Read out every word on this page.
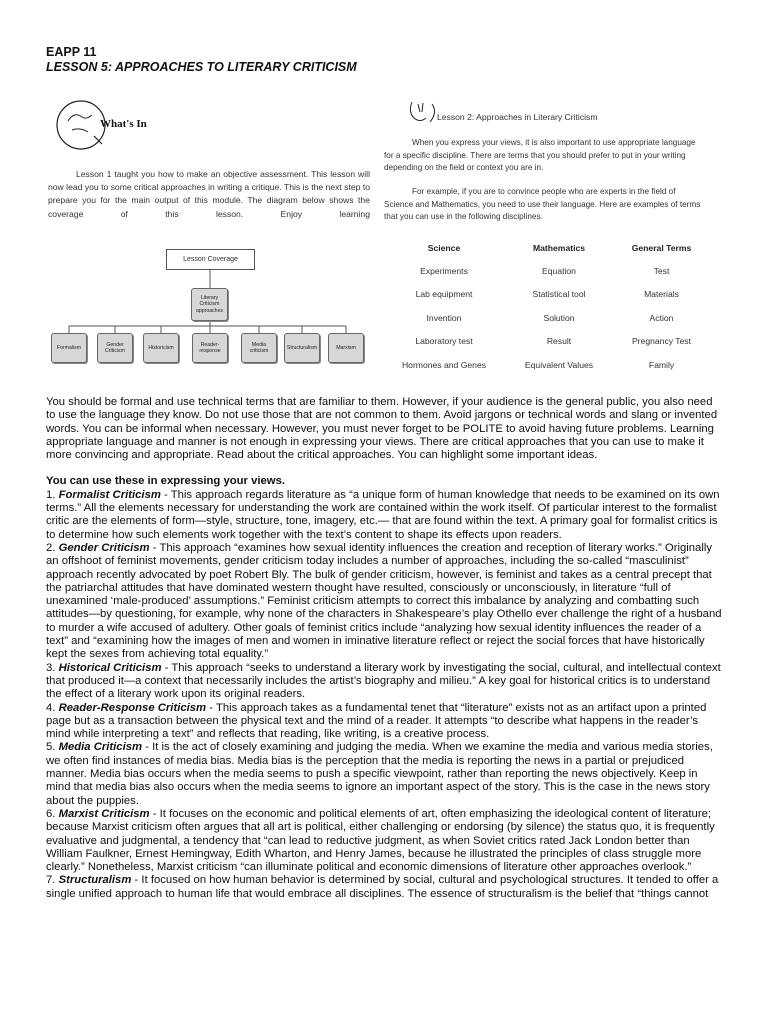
EAPP 11
LESSON 5: APPROACHES TO LITERARY CRITICISM
What's In
Lesson 1 taught you how to make an objective assessment. This lesson will now lead you to some critical approaches in writing a critique. This is the next step to prepare you for the main output of this module. The diagram below shows the coverage of this lesson. Enjoy learning
Lesson Coverage
Literary
Criticism
approaches
Formalism
Gender
Criticism
Historicism
Reader-
response
Media
criticism
Structuralism	Marxism
Lesson 2: Approaches in Literary Criticism
When you express your views, it is also important to use appropriate language for a specific discipline. There are terms that you should prefer to put in your writing depending on the field or context you are in.
For example, if you are to convince people who are experts in the field of Science and Mathematics, you need to use their language. Here are examples of terms that you can use in the following disciplines.
Science	Mathematics	General Terms
Experiments	Equation	Test
Lab equipment	Statistical tool	Materials
Invention	Solution	Action
Laboratory test	Result	Pregnancy Test
Hormones and Genes	Equivalent Values	Family

You should be formal and use technical terms that are familiar to them. However, if your audience is the general public, you also need to use the language they know. Do not use those that are not common to them. Avoid jargons or technical words and slang or invented words. You can be informal when necessary. However, you must never forget to be POLITE to avoid having future problems. Learning appropriate language and manner is not enough in expressing your views. There are critical approaches that you can use to make it more convincing and appropriate. Read about the critical approaches. You can highlight some important ideas.

You can use these in expressing your views.

1. Formalist Criticism - This approach regards literature as “a unique form of human knowledge that needs to be examined on its own terms.” All the elements necessary for understanding the work are contained within the work itself. Of particular interest to the formalist critic are the elements of form—style, structure, tone, imagery, etc.— that are found within the text. A primary goal for formalist critics is to determine how such elements work together with the text’s content to shape its effects upon readers.

2. Gender Criticism - This approach “examines how sexual identity influences the creation and reception of literary works.” Originally an offshoot of feminist movements, gender criticism today includes a number of approaches, including the so-called “masculinist” approach recently advocated by poet Robert Bly. The bulk of gender criticism, however, is feminist and takes as a central precept that the patriarchal attitudes that have dominated western thought have resulted, consciously or unconsciously, in literature “full of unexamined ‘male-produced’ assumptions.” Feminist criticism attempts to correct this imbalance by analyzing and combatting such attitudes—by questioning, for example, why none of the characters in Shakespeare’s play Othello ever challenge the right of a husband to murder a wife accused of adultery. Other goals of feminist critics include “analyzing how sexual identity influences the reader of a text” and “examining how the images of men and women in iminative literature reflect or reject the social forces that have historically kept the sexes from achieving total equality.”

3. Historical Criticism - This approach “seeks to understand a literary work by investigating the social, cultural, and intellectual context that produced it—a context that necessarily includes the artist’s biography and milieu.” A key goal for historical critics is to understand the effect of a literary work upon its original readers.

4. Reader-Response Criticism - This approach takes as a fundamental tenet that “literature” exists not as an artifact upon a printed page but as a transaction between the physical text and the mind of a reader. It attempts “to describe what happens in the reader’s mind while interpreting a text” and reflects that reading, like writing, is a creative process.

5. Media Criticism - It is the act of closely examining and judging the media. When we examine the media and various media stories, we often find instances of media bias. Media bias is the perception that the media is reporting the news in a partial or prejudiced manner. Media bias occurs when the media seems to push a specific viewpoint, rather than reporting the news objectively. Keep in mind that media bias also occurs when the media seems to ignore an important aspect of the story. This is the case in the news story about the puppies.

6. Marxist Criticism - It focuses on the economic and political elements of art, often emphasizing the ideological content of literature; because Marxist criticism often argues that all art is political, either challenging or endorsing (by silence) the status quo, it is frequently evaluative and judgmental, a tendency that “can lead to reductive judgment, as when Soviet critics rated Jack London better than William Faulkner, Ernest Hemingway, Edith Wharton, and Henry James, because he illustrated the principles of class struggle more clearly.” Nonetheless, Marxist criticism “can illuminate political and economic dimensions of literature other approaches overlook.”

7. Structuralism - It focused on how human behavior is determined by social, cultural and psychological structures. It tended to offer a single unified approach to human life that would embrace all disciplines. The essence of structuralism is the belief that “things cannot
